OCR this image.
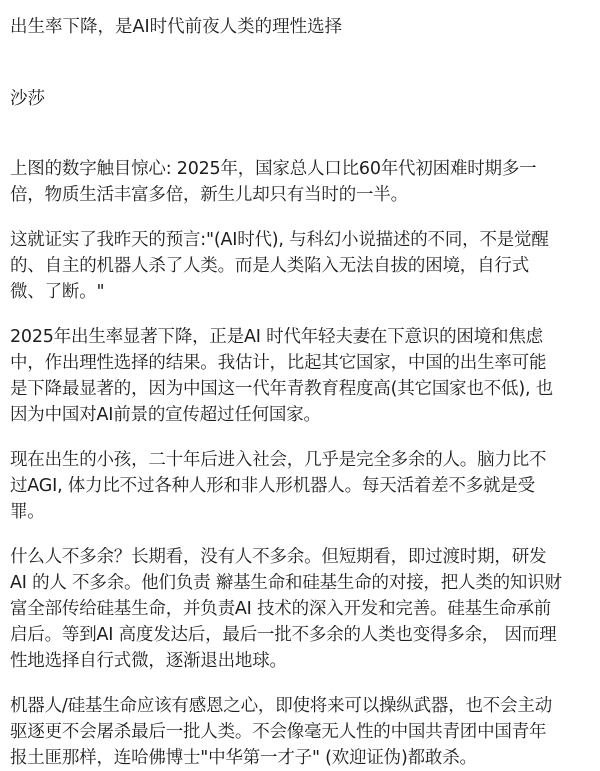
出生率下降，是AI时代前夜人类的理性选择
沙莎

上图的数字触目惊心: 2025年，国家总人口比60年代初困难时期多一
倍，物质生活丰富多倍，新生儿却只有当时的一半。

这就证实了我昨天的预言:"(AI时代), 与科幻小说描述的不同，不是觉醒
的、自主的机器人杀了人类。而是人类陷入无法自拔的困境，自行式
微、了断。"

2025年出生率显著下降，正是AI 时代年轻夫妻在下意识的困境和焦虑
中，作出理性选择的结果。我估计，比起其它国家，中国的出生率可能
是下降最显著的，因为中国这一代年青教育程度高(其它国家也不低), 也
因为中国对AI前景的宣传超过任何国家。

现在出生的小孩，二十年后进入社会，几乎是完全多余的人。脑力比不
过AGI, 体力比不过各种人形和非人形机器人。每天活着差不多就是受
罪。

什么人不多余？长期看，没有人不多余。但短期看，即过渡时期，研发
AI 的人 不多余。他们负责 辮基生命和硅基生命的对接，把人类的知识财
富全部传给硅基生命，并负责AI 技术的深入开发和完善。硅基生命承前
启后。等到AI 高度发达后，最后一批不多余的人类也变得多余， 因而理
性地选择自行式微，逐渐退出地球。

机器人/硅基生命应该有感恩之心，即使将来可以操纵武器，也不会主动
驱逐更不会屠杀最后一批人类。不会像毫无人性的中国共青团中国青年
报土匪那样，连哈佛博士"中华第一才子" (欢迎证伪)都敢杀。
